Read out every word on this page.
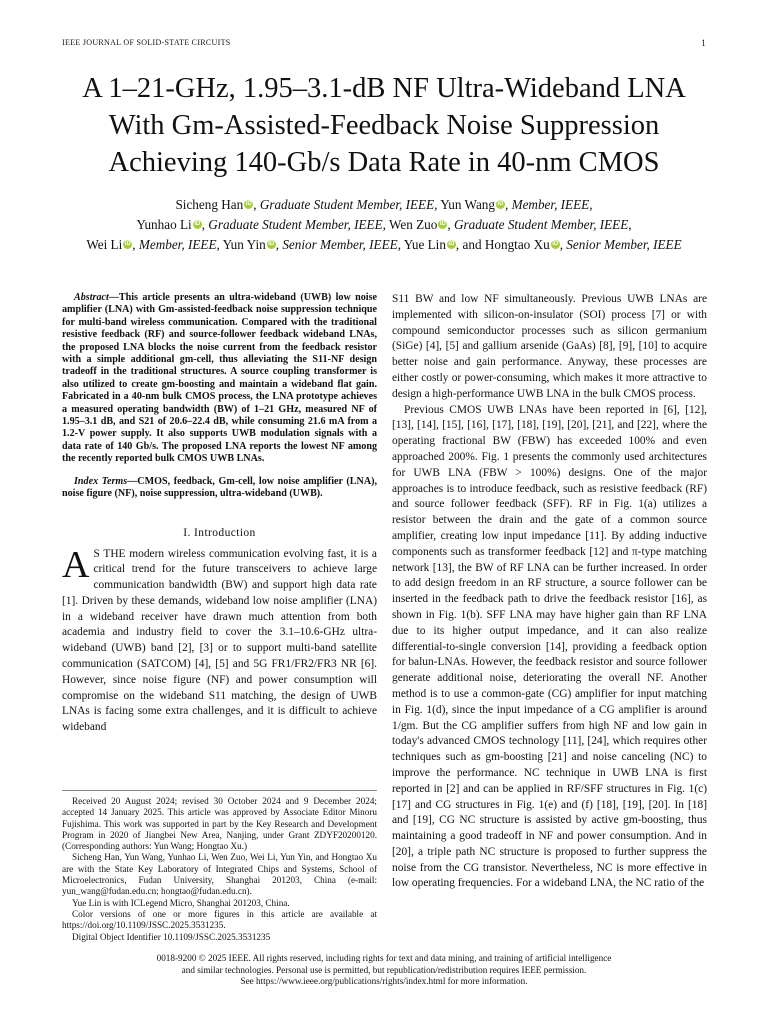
IEEE JOURNAL OF SOLID-STATE CIRCUITS	1
A 1–21-GHz, 1.95–3.1-dB NF Ultra-Wideband LNA
With Gm-Assisted-Feedback Noise Suppression
Achieving 140-Gb/s Data Rate in 40-nm CMOS
Sicheng Han iD , Graduate Student Member, IEEE, Yun Wang iD , Member, IEEE,
Yunhao Li iD , Graduate Student Member, IEEE, Wen Zuo iD , Graduate Student Member, IEEE,
Wei Li iD , Member, IEEE, Yun Yin iD , Senior Member, IEEE, Yue Lin iD , and Hongtao Xu iD , Senior Member, IEEE

Abstract—This article presents an ultra-wideband (UWB) low noise amplifier (LNA) with Gm-assisted-feedback noise suppression technique for multi-band wireless communication. Compared with the traditional resistive feedback (RF) and source-follower feedback wideband LNAs, the proposed LNA blocks the noise current from the feedback resistor with a simple additional gm-cell, thus alleviating the S11-NF design tradeoff in the traditional structures. A source coupling transformer is also utilized to create gm-boosting and maintain a wideband flat gain. Fabricated in a 40-nm bulk CMOS process, the LNA prototype achieves a measured operating bandwidth (BW) of 1–21 GHz, measured NF of 1.95–3.1 dB, and S21 of 20.6–22.4 dB, while consuming 21.6 mA from a 1.2-V power supply. It also supports UWB modulation signals with a data rate of 140 Gb/s. The proposed LNA reports the lowest NF among the recently reported bulk CMOS UWB LNAs.

Index Terms—CMOS, feedback, Gm-cell, low noise amplifier (LNA), noise figure (NF), noise suppression, ultra-wideband (UWB).

I. Introduction

A S THE modern wireless communication evolving fast, it is a critical trend for the future transceivers to achieve large communication bandwidth (BW) and support high data rate [1]. Driven by these demands, wideband low noise amplifier (LNA) in a wideband receiver have drawn much attention from both academia and industry field to cover the 3.1–10.6-GHz ultra-wideband (UWB) band [2], [3] or to support multi-band satellite communication (SATCOM) [4], [5] and 5G FR1/FR2/FR3 NR [6]. However, since noise figure (NF) and power consumption will compromise on the wideband S11 matching, the design of UWB LNAs is facing some extra challenges, and it is difficult to achieve wideband

Received 20 August 2024; revised 30 October 2024 and 9 December 2024; accepted 14 January 2025. This article was approved by Associate Editor Minoru Fujishima. This work was supported in part by the Key Research and Development Program in 2020 of Jiangbei New Area, Nanjing, under Grant ZDYF20200120. (Corresponding authors: Yun Wang; Hongtao Xu.)

Sicheng Han, Yun Wang, Yunhao Li, Wen Zuo, Wei Li, Yun Yin, and Hongtao Xu are with the State Key Laboratory of Integrated Chips and Systems, School of Microelectronics, Fudan University, Shanghai 201203, China (e-mail: yun_wang@fudan.edu.cn; hongtao@fudan.edu.cn).

Yue Lin is with ICLegend Micro, Shanghai 201203, China.

Color versions of one or more figures in this article are available at https://doi.org/10.1109/JSSC.2025.3531235.

Digital Object Identifier 10.1109/JSSC.2025.3531235

S11 BW and low NF simultaneously. Previous UWB LNAs are implemented with silicon-on-insulator (SOI) process [7] or with compound semiconductor processes such as silicon germanium (SiGe) [4], [5] and gallium arsenide (GaAs) [8], [9], [10] to acquire better noise and gain performance. Anyway, these processes are either costly or power-consuming, which makes it more attractive to design a high-performance UWB LNA in the bulk CMOS process.

Previous CMOS UWB LNAs have been reported in [6], [12], [13], [14], [15], [16], [17], [18], [19], [20], [21], and [22], where the operating fractional BW (FBW) has exceeded 100% and even approached 200%. Fig. 1 presents the commonly used architectures for UWB LNA (FBW > 100%) designs. One of the major approaches is to introduce feedback, such as resistive feedback (RF) and source follower feedback (SFF). RF in Fig. 1(a) utilizes a resistor between the drain and the gate of a common source amplifier, creating low input impedance [11]. By adding inductive components such as transformer feedback [12] and π-type matching network [13], the BW of RF LNA can be further increased. In order to add design freedom in an RF structure, a source follower can be inserted in the feedback path to drive the feedback resistor [16], as shown in Fig. 1(b). SFF LNA may have higher gain than RF LNA due to its higher output impedance, and it can also realize differential-to-single conversion [14], providing a feedback option for balun-LNAs. However, the feedback resistor and source follower generate additional noise, deteriorating the overall NF. Another method is to use a common-gate (CG) amplifier for input matching in Fig. 1(d), since the input impedance of a CG amplifier is around 1/gm. But the CG amplifier suffers from high NF and low gain in today's advanced CMOS technology [11], [24], which requires other techniques such as gm-boosting [21] and noise canceling (NC) to improve the performance. NC technique in UWB LNA is first reported in [2] and can be applied in RF/SFF structures in Fig. 1(c) [17] and CG structures in Fig. 1(e) and (f) [18], [19], [20]. In [18] and [19], CG NC structure is assisted by active gm-boosting, thus maintaining a good tradeoff in NF and power consumption. And in [20], a triple path NC structure is proposed to further suppress the noise from the CG transistor. Nevertheless, NC is more effective in low operating frequencies. For a wideband LNA, the NC ratio of the

0018-9200 © 2025 IEEE. All rights reserved, including rights for text and data mining, and training of artificial intelligence
and similar technologies. Personal use is permitted, but republication/redistribution requires IEEE permission.
See https://www.ieee.org/publications/rights/index.html for more information.
